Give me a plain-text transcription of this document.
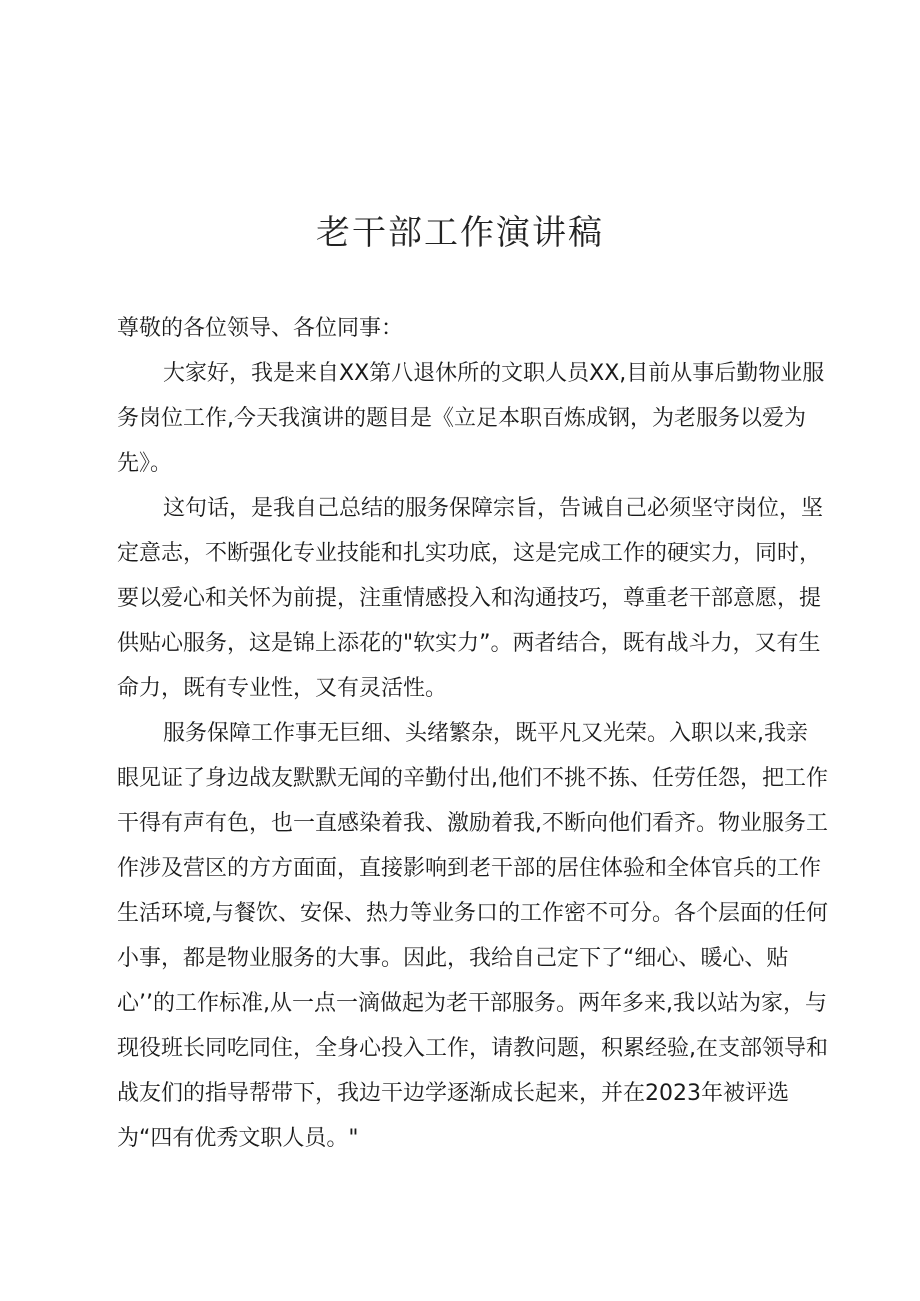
老干部工作演讲稿

尊敬的各位领导、各位同事：

大家好，我是来自XX第八退休所的文职人员XX,目前从事后勤物业服务岗位工作,今天我演讲的题目是《立足本职百炼成钢，为老服务以爱为先》。

这句话，是我自己总结的服务保障宗旨，告诫自己必须坚守岗位，坚定意志，不断强化专业技能和扎实功底，这是完成工作的硬实力，同时，要以爱心和关怀为前提，注重情感投入和沟通技巧，尊重老干部意愿，提供贴心服务，这是锦上添花的"软实力”。两者结合，既有战斗力，又有生命力，既有专业性，又有灵活性。

服务保障工作事无巨细、头绪繁杂，既平凡又光荣。入职以来,我亲眼见证了身边战友默默无闻的辛勤付出,他们不挑不拣、任劳任怨，把工作干得有声有色，也一直感染着我、激励着我,不断向他们看齐。物业服务工作涉及营区的方方面面，直接影响到老干部的居住体验和全体官兵的工作生活环境,与餐饮、安保、热力等业务口的工作密不可分。各个层面的任何小事，都是物业服务的大事。因此，我给自己定下了“细心、暖心、贴心’’的工作标准,从一点一滴做起为老干部服务。两年多来,我以站为家，与现役班长同吃同住，全身心投入工作，请教问题，积累经验,在支部领导和战友们的指导帮带下，我边干边学逐渐成长起来，并在2023年被评选为“四有优秀文职人员。"
